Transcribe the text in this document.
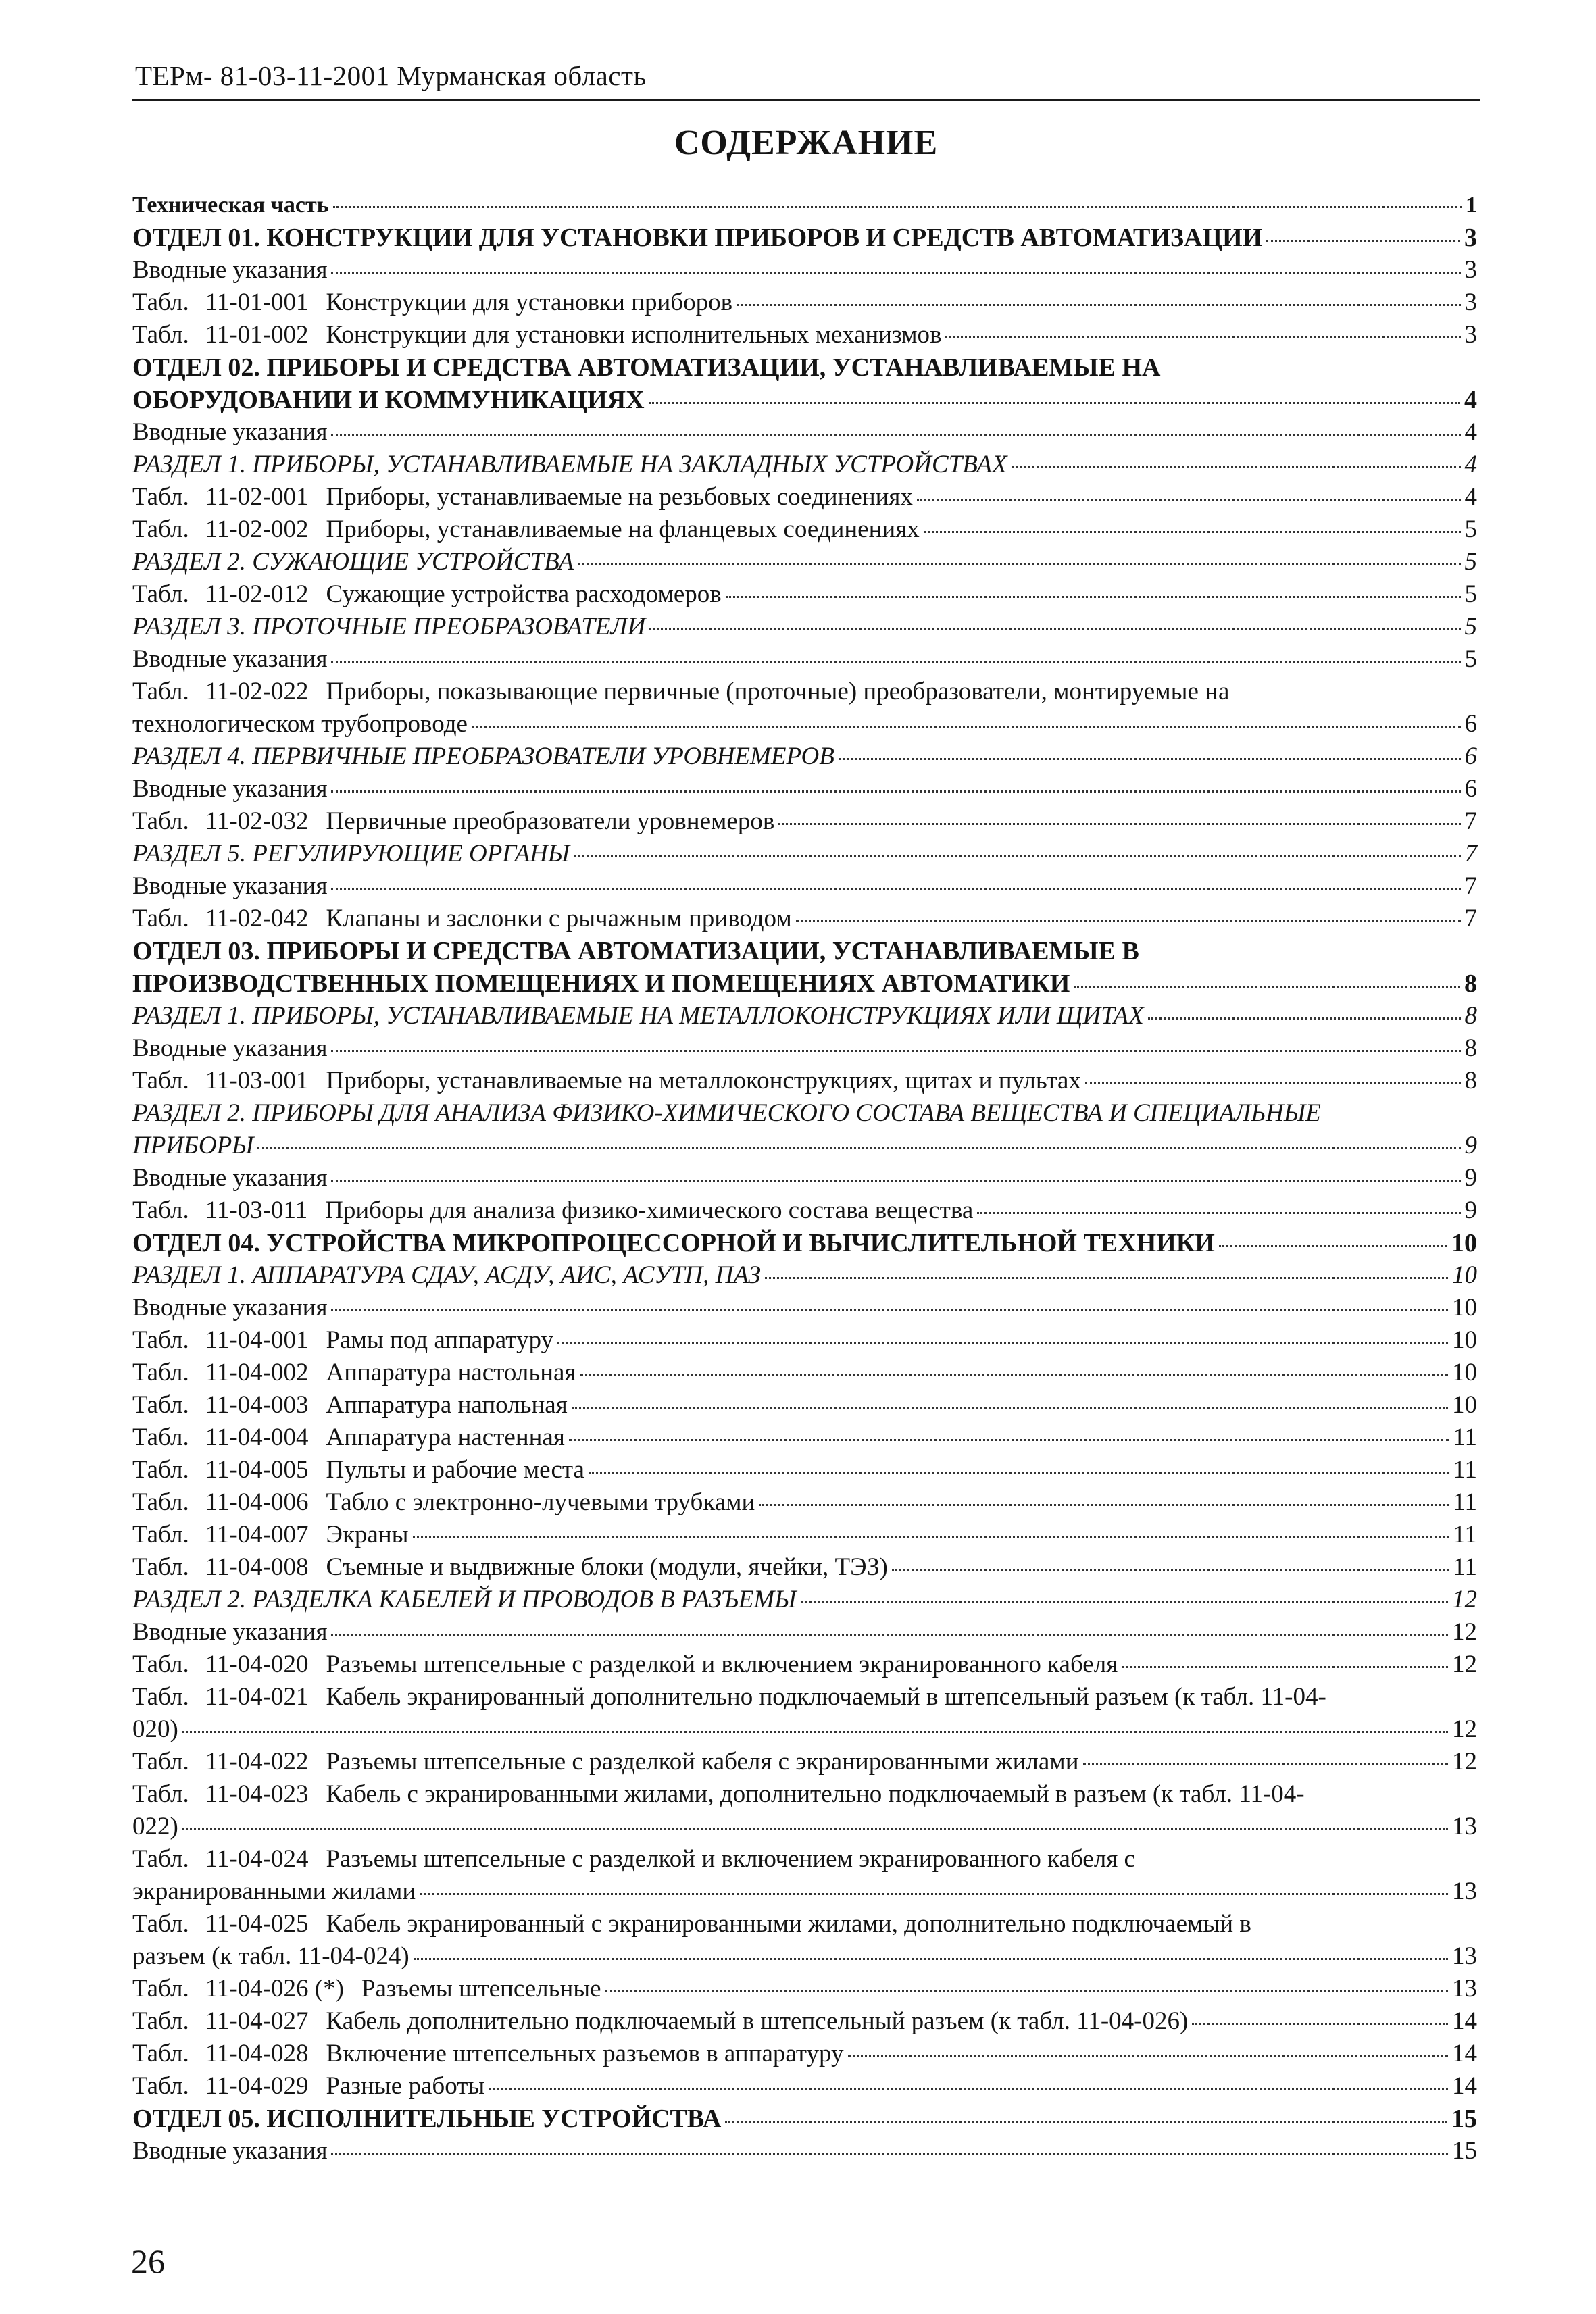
ТЕРм- 81-03-11-2001 Мурманская область
СОДЕРЖАНИЕ
Техническая часть	1
ОТДЕЛ 01. КОНСТРУКЦИИ ДЛЯ УСТАНОВКИ ПРИБОРОВ И СРЕДСТВ АВТОМАТИЗАЦИИ	3
Вводные указания	3
Табл. 11-01-001 Конструкции для установки приборов	3
Табл. 11-01-002 Конструкции для установки исполнительных механизмов	3
ОТДЕЛ 02. ПРИБОРЫ И СРЕДСТВА АВТОМАТИЗАЦИИ, УСТАНАВЛИВАЕМЫЕ НА
ОБОРУДОВАНИИ И КОММУНИКАЦИЯХ	4
Вводные указания	4
РАЗДЕЛ 1. ПРИБОРЫ, УСТАНАВЛИВАЕМЫЕ НА ЗАКЛАДНЫХ УСТРОЙСТВАХ	4
Табл. 11-02-001 Приборы, устанавливаемые на резьбовых соединениях	4
Табл. 11-02-002 Приборы, устанавливаемые на фланцевых соединениях	5
РАЗДЕЛ 2. СУЖАЮЩИЕ УСТРОЙСТВА	5
Табл. 11-02-012 Сужающие устройства расходомеров	5
РАЗДЕЛ 3. ПРОТОЧНЫЕ ПРЕОБРАЗОВАТЕЛИ	5
Вводные указания	5
Табл. 11-02-022 Приборы, показывающие первичные (проточные) преобразователи, монтируемые на
технологическом трубопроводе	6
РАЗДЕЛ 4. ПЕРВИЧНЫЕ ПРЕОБРАЗОВАТЕЛИ УРОВНЕМЕРОВ	6
Вводные указания	6
Табл. 11-02-032 Первичные преобразователи уровнемеров	7
РАЗДЕЛ 5. РЕГУЛИРУЮЩИЕ ОРГАНЫ	7
Вводные указания	7
Табл. 11-02-042 Клапаны и заслонки с рычажным приводом	7
ОТДЕЛ 03. ПРИБОРЫ И СРЕДСТВА АВТОМАТИЗАЦИИ, УСТАНАВЛИВАЕМЫЕ В
ПРОИЗВОДСТВЕННЫХ ПОМЕЩЕНИЯХ И ПОМЕЩЕНИЯХ АВТОМАТИКИ	8
РАЗДЕЛ 1. ПРИБОРЫ, УСТАНАВЛИВАЕМЫЕ НА МЕТАЛЛОКОНСТРУКЦИЯХ ИЛИ ЩИТАХ	8
Вводные указания	8
Табл. 11-03-001 Приборы, устанавливаемые на металлоконструкциях, щитах и пультах	8
РАЗДЕЛ 2. ПРИБОРЫ ДЛЯ АНАЛИЗА ФИЗИКО-ХИМИЧЕСКОГО СОСТАВА ВЕЩЕСТВА И СПЕЦИАЛЬНЫЕ
ПРИБОРЫ	9
Вводные указания	9
Табл. 11-03-011 Приборы для анализа физико-химического состава вещества	9
ОТДЕЛ 04. УСТРОЙСТВА МИКРОПРОЦЕССОРНОЙ И ВЫЧИСЛИТЕЛЬНОЙ ТЕХНИКИ	10
РАЗДЕЛ 1. АППАРАТУРА СДАУ, АСДУ, АИС, АСУТП, ПАЗ	10
Вводные указания	10
Табл. 11-04-001 Рамы под аппаратуру	10
Табл. 11-04-002 Аппаратура настольная	10
Табл. 11-04-003 Аппаратура напольная	10
Табл. 11-04-004 Аппаратура настенная	11
Табл. 11-04-005 Пульты и рабочие места	11
Табл. 11-04-006 Табло с электронно-лучевыми трубками	11
Табл. 11-04-007 Экраны	11
Табл. 11-04-008 Съемные и выдвижные блоки (модули, ячейки, ТЭЗ)	11
РАЗДЕЛ 2. РАЗДЕЛКА КАБЕЛЕЙ И ПРОВОДОВ В РАЗЪЕМЫ	12
Вводные указания	12
Табл. 11-04-020 Разъемы штепсельные с разделкой и включением экранированного кабеля	12
Табл. 11-04-021 Кабель экранированный дополнительно подключаемый в штепсельный разъем (к табл. 11-04-
020)	12
Табл. 11-04-022 Разъемы штепсельные с разделкой кабеля с экранированными жилами	12
Табл. 11-04-023 Кабель с экранированными жилами, дополнительно подключаемый в разъем (к табл. 11-04-
022)	13
Табл. 11-04-024 Разъемы штепсельные с разделкой и включением экранированного кабеля с
экранированными жилами	13
Табл. 11-04-025 Кабель экранированный с экранированными жилами, дополнительно подключаемый в
разъем (к табл. 11-04-024)	13
Табл. 11-04-026 (*) Разъемы штепсельные	13
Табл. 11-04-027 Кабель дополнительно подключаемый в штепсельный разъем (к табл. 11-04-026)	14
Табл. 11-04-028 Включение штепсельных разъемов в аппаратуру	14
Табл. 11-04-029 Разные работы	14
ОТДЕЛ 05. ИСПОЛНИТЕЛЬНЫЕ УСТРОЙСТВА	15
Вводные указания	15
26
